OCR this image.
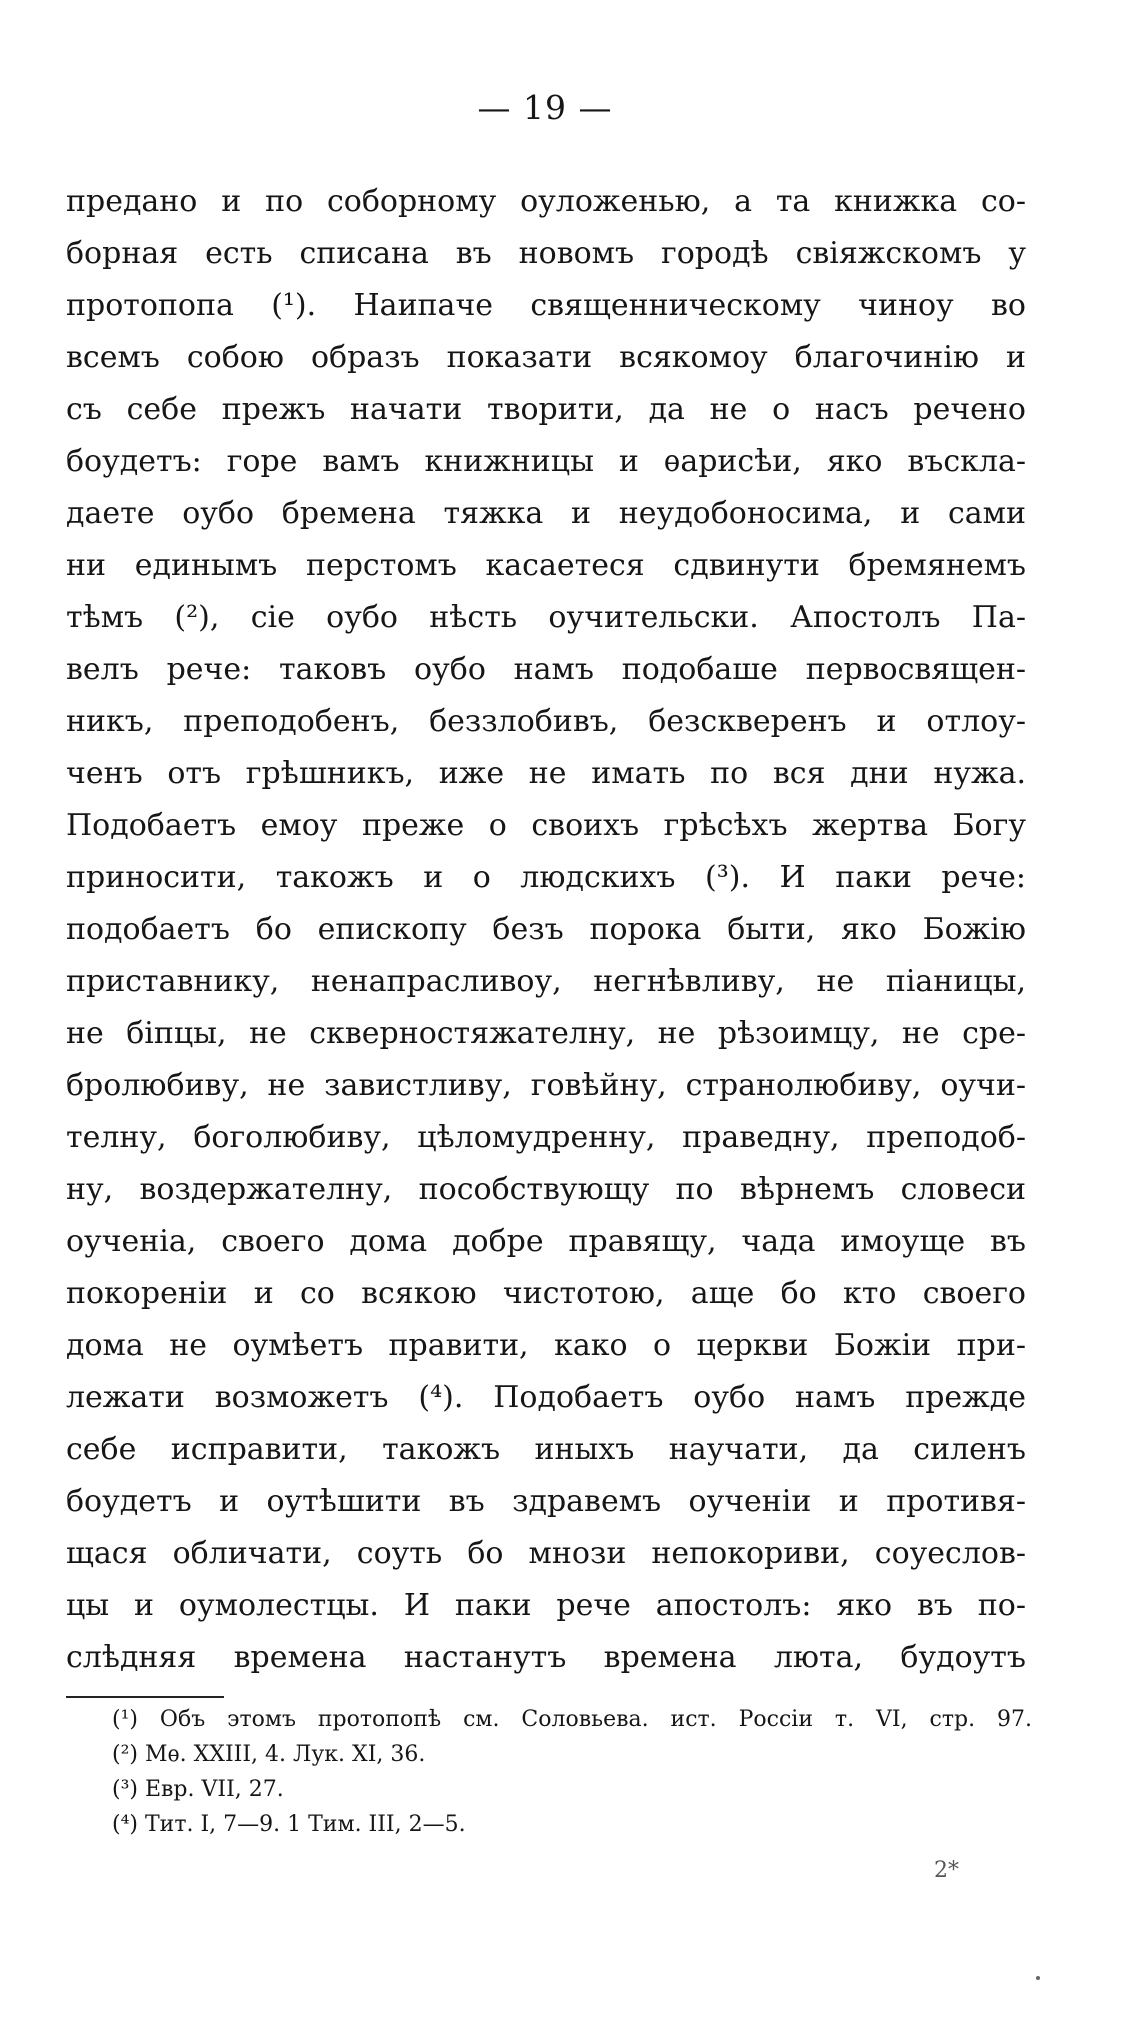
— 19 —
предано и по соборному оуложенью, а та книжка со-
борная есть списана въ новомъ городѣ свіяжскомъ у
протопопа (¹). Наипаче священническому чиноу во
всемъ собою образъ показати всякомоу благочинію и
съ себе прежъ начати творити, да не о насъ речено
боудетъ: горе вамъ книжницы и ѳарисѣи, яко въскла-
даете оубо бремена тяжка и неудобоносима, и сами
ни единымъ перстомъ касаетеся сдвинути бремянемъ
тѣмъ (²), сіе оубо нѣсть оучительски. Апостолъ Па-
велъ рече: таковъ оубо намъ подобаше первосвящен-
никъ, преподобенъ, беззлобивъ, безскверенъ и отлоу-
ченъ отъ грѣшникъ, иже не имать по вся дни нужа.
Подобаетъ емоу преже о своихъ грѣсѣхъ жертва Богу
приносити, такожъ и о людскихъ (³). И паки рече:
подобаетъ бо епископу безъ порока быти, яко Божію
приставнику, ненапрасливоу, негнѣвливу, не піаницы,
не біпцы, не скверностяжателну, не рѣзоимцу, не сре-
бролюбиву, не завистливу, говѣйну, странолюбиву, оучи-
телну, боголюбиву, цѣломудренну, праведну, преподоб-
ну, воздержателну, пособствующу по вѣрнемъ словеси
оученіа, своего дома добре правящу, чада имоуще въ
покореніи и со всякою чистотою, аще бо кто своего
дома не оумѣетъ правити, како о церкви Божіи при-
лежати возможетъ (⁴). Подобаетъ оубо намъ прежде
себе исправити, такожъ иныхъ научати, да силенъ
боудетъ и оутѣшити въ здравемъ оученіи и противя-
щася обличати, соуть бо мнози непокориви, соуеслов-
цы и оумолестцы. И паки рече апостолъ: яко въ по-
слѣдняя времена настанутъ времена люта, будоутъ
(¹) Объ этомъ протопопѣ см. Соловьева. ист. Россіи т. VI, стр. 97.
(²) Мѳ. XXIII, 4. Лук. XI, 36.
(³) Евр. VII, 27.
(⁴) Тит. I, 7—9. 1 Тим. III, 2—5.
2*
